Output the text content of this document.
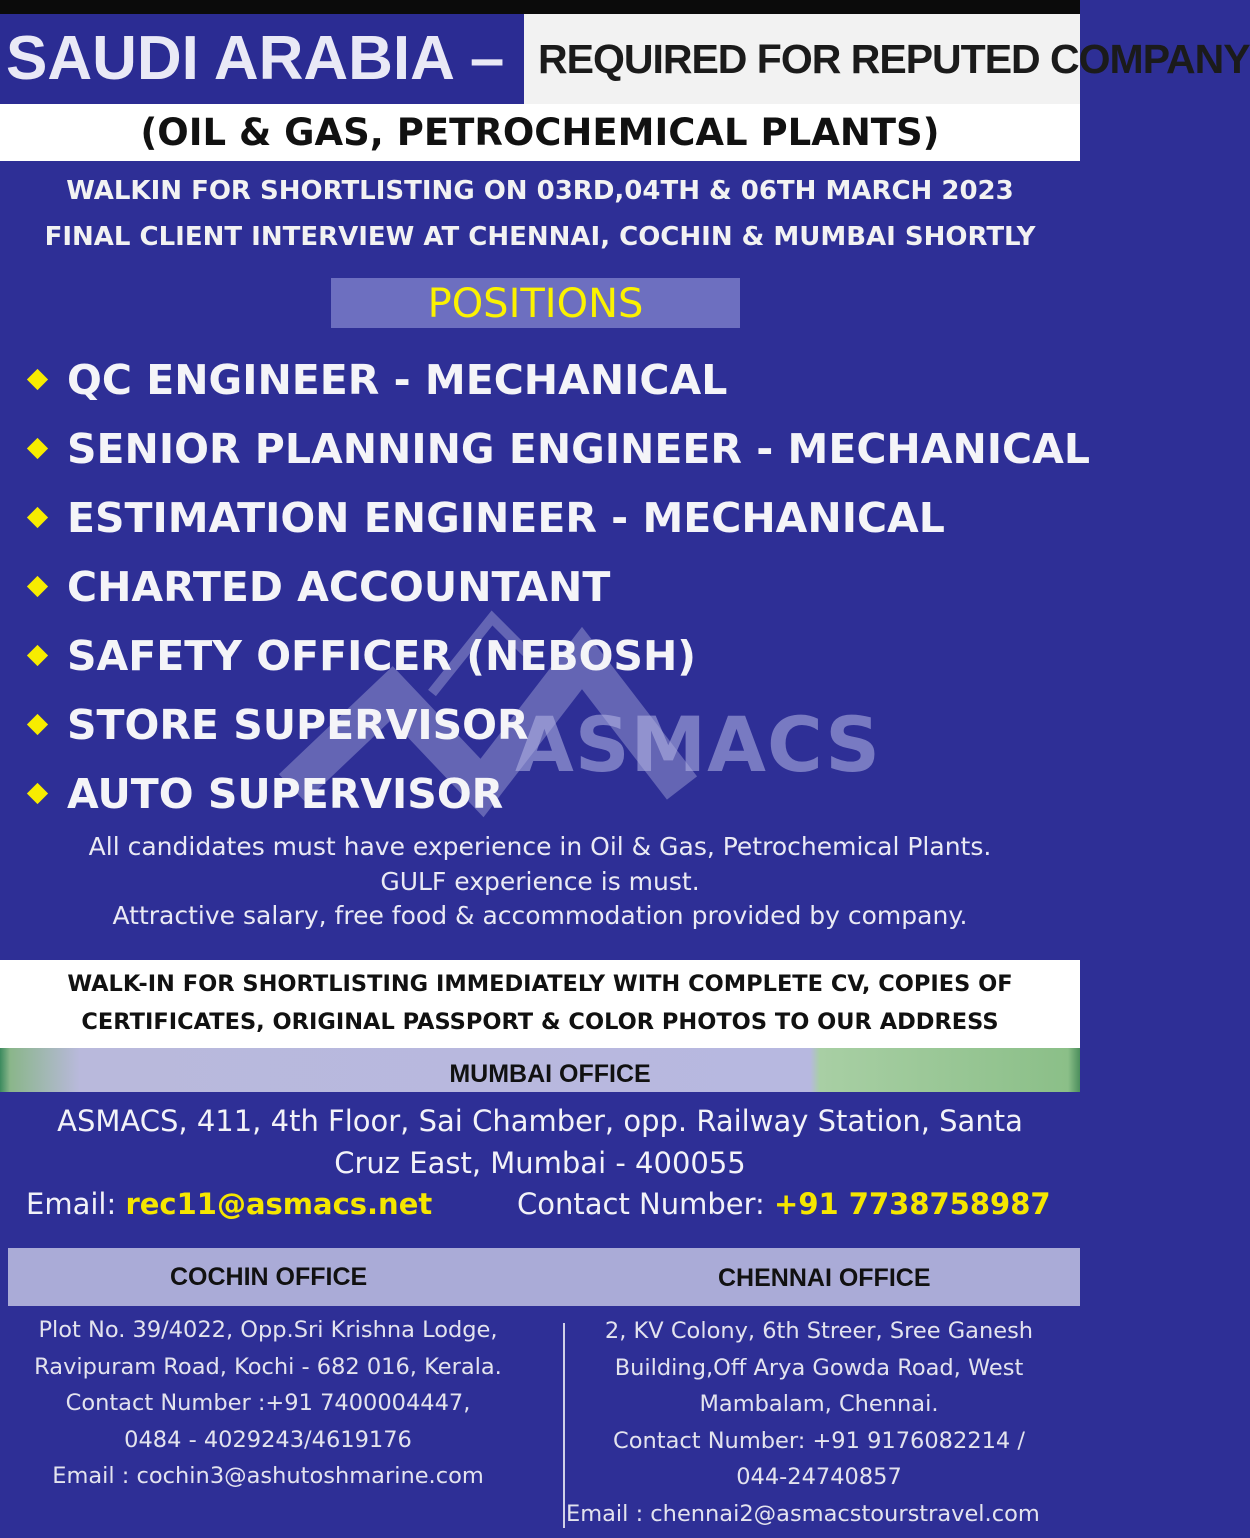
SAUDI ARABIA – REQUIRED FOR REPUTED COMPANY
(OIL & GAS, PETROCHEMICAL PLANTS)
WALKIN FOR SHORTLISTING ON 03RD,04TH & 06TH MARCH 2023
FINAL CLIENT INTERVIEW AT CHENNAI, COCHIN & MUMBAI SHORTLY
POSITIONS
ASMACS
QC ENGINEER - MECHANICAL
SENIOR PLANNING ENGINEER - MECHANICAL
ESTIMATION ENGINEER - MECHANICAL
CHARTED ACCOUNTANT
SAFETY OFFICER (NEBOSH)
STORE SUPERVISOR
AUTO SUPERVISOR
All candidates must have experience in Oil & Gas, Petrochemical Plants.
GULF experience is must.
Attractive salary, free food & accommodation provided by company.
WALK-IN FOR SHORTLISTING IMMEDIATELY WITH COMPLETE CV, COPIES OF
CERTIFICATES, ORIGINAL PASSPORT & COLOR PHOTOS TO OUR ADDRESS
MUMBAI OFFICE
ASMACS, 411, 4th Floor, Sai Chamber, opp. Railway Station, Santa
Cruz East, Mumbai - 400055
Email: rec11@asmacs.net	Contact Number: +91 7738758987
COCHIN OFFICE	CHENNAI OFFICE
Plot No. 39/4022, Opp.Sri Krishna Lodge,
Ravipuram Road, Kochi - 682 016, Kerala.
Contact Number :+91 7400004447,
0484 - 4029243/4619176
Email : cochin3@ashutoshmarine.com
2, KV Colony, 6th Streer, Sree Ganesh
Building,Off Arya Gowda Road, West
Mambalam, Chennai.
Contact Number: +91 9176082214 /
044-24740857
Email : chennai2@asmacstourstravel.com
